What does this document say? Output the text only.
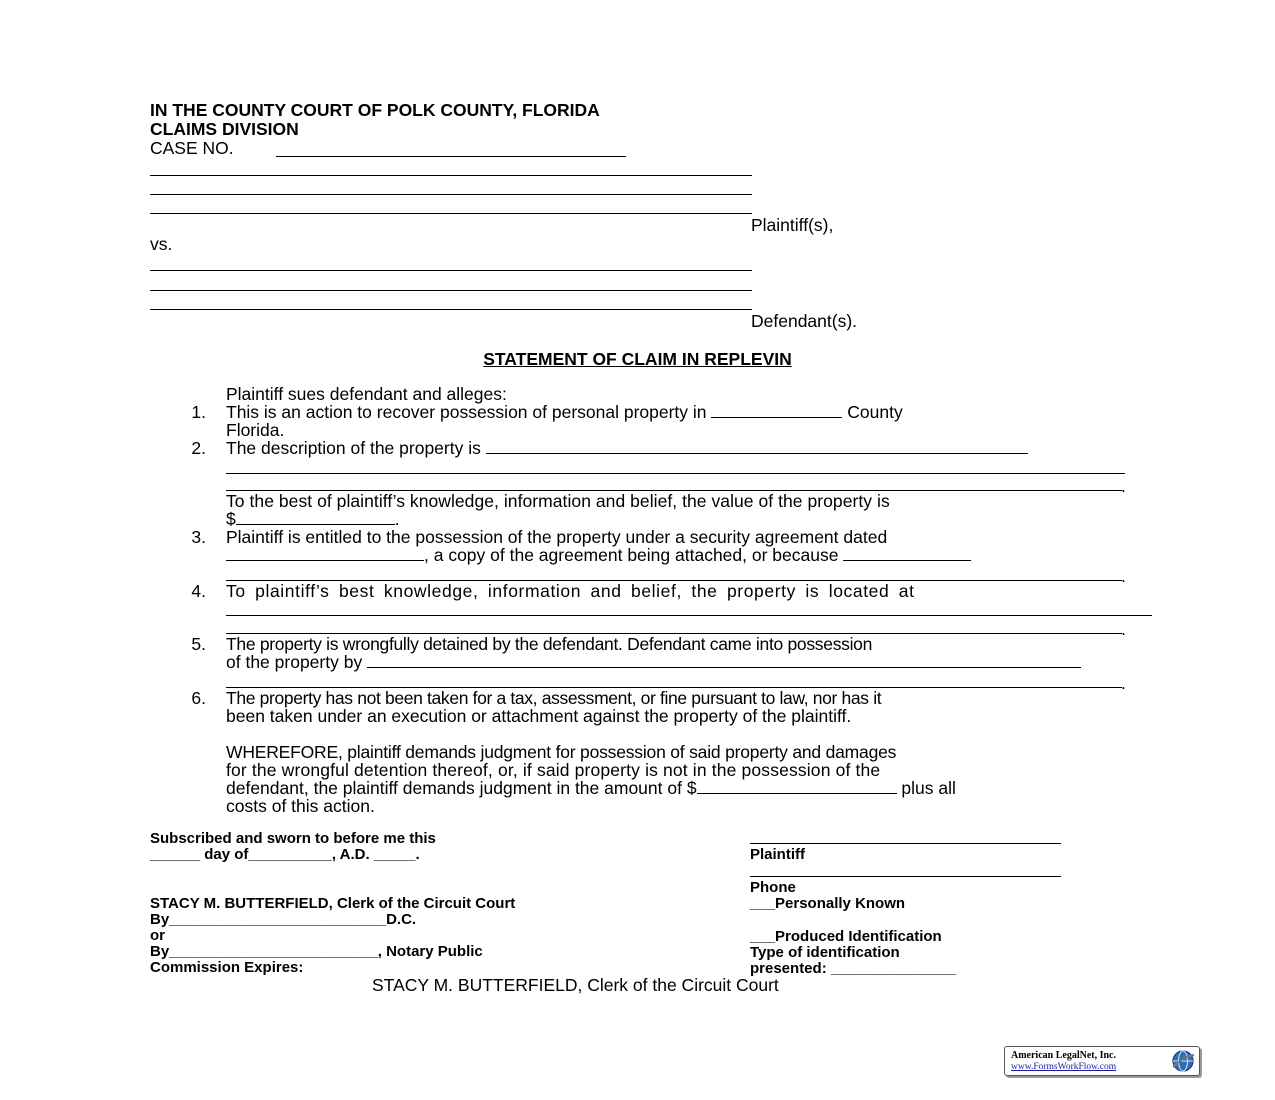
IN THE COUNTY COURT OF POLK COUNTY, FLORIDA
CLAIMS DIVISION
CASE NO.
Plaintiff(s),
vs.
Defendant(s).
STATEMENT OF CLAIM IN REPLEVIN
Plaintiff sues defendant and alleges:
1. This is an action to recover possession of personal property in	County
Florida.
2. The description of the property is
.
To the best of plaintiff’s knowledge, information and belief, the value of the property is
$	.
3. Plaintiff is entitled to the possession of the property under a security agreement dated
, a copy of the agreement being attached, or because
.
4. To plaintiff’s best knowledge, information and belief, the property is located at
.
5. The property is wrongfully detained by the defendant. Defendant came into possession
of the property by
.
6. The property has not been taken for a tax, assessment, or fine pursuant to law, nor has it
been taken under an execution or attachment against the property of the plaintiff.
WHEREFORE, plaintiff demands judgment for possession of said property and damages
for the wrongful detention thereof, or, if said property is not in the possession of the
defendant, the plaintiff demands judgment in the amount of $	plus all
costs of this action.
Subscribed and sworn to before me this
______ day of__________, A.D. _____.
STACY M. BUTTERFIELD, Clerk of the Circuit Court
By__________________________D.C.
or
By_________________________, Notary Public
Commission Expires:
Plaintiff
Phone
___Personally Known
___Produced Identification
Type of identification
presented: _______________
STACY M. BUTTERFIELD, Clerk of the Circuit Court
American LegalNet, Inc.
www.FormsWorkFlow.com
